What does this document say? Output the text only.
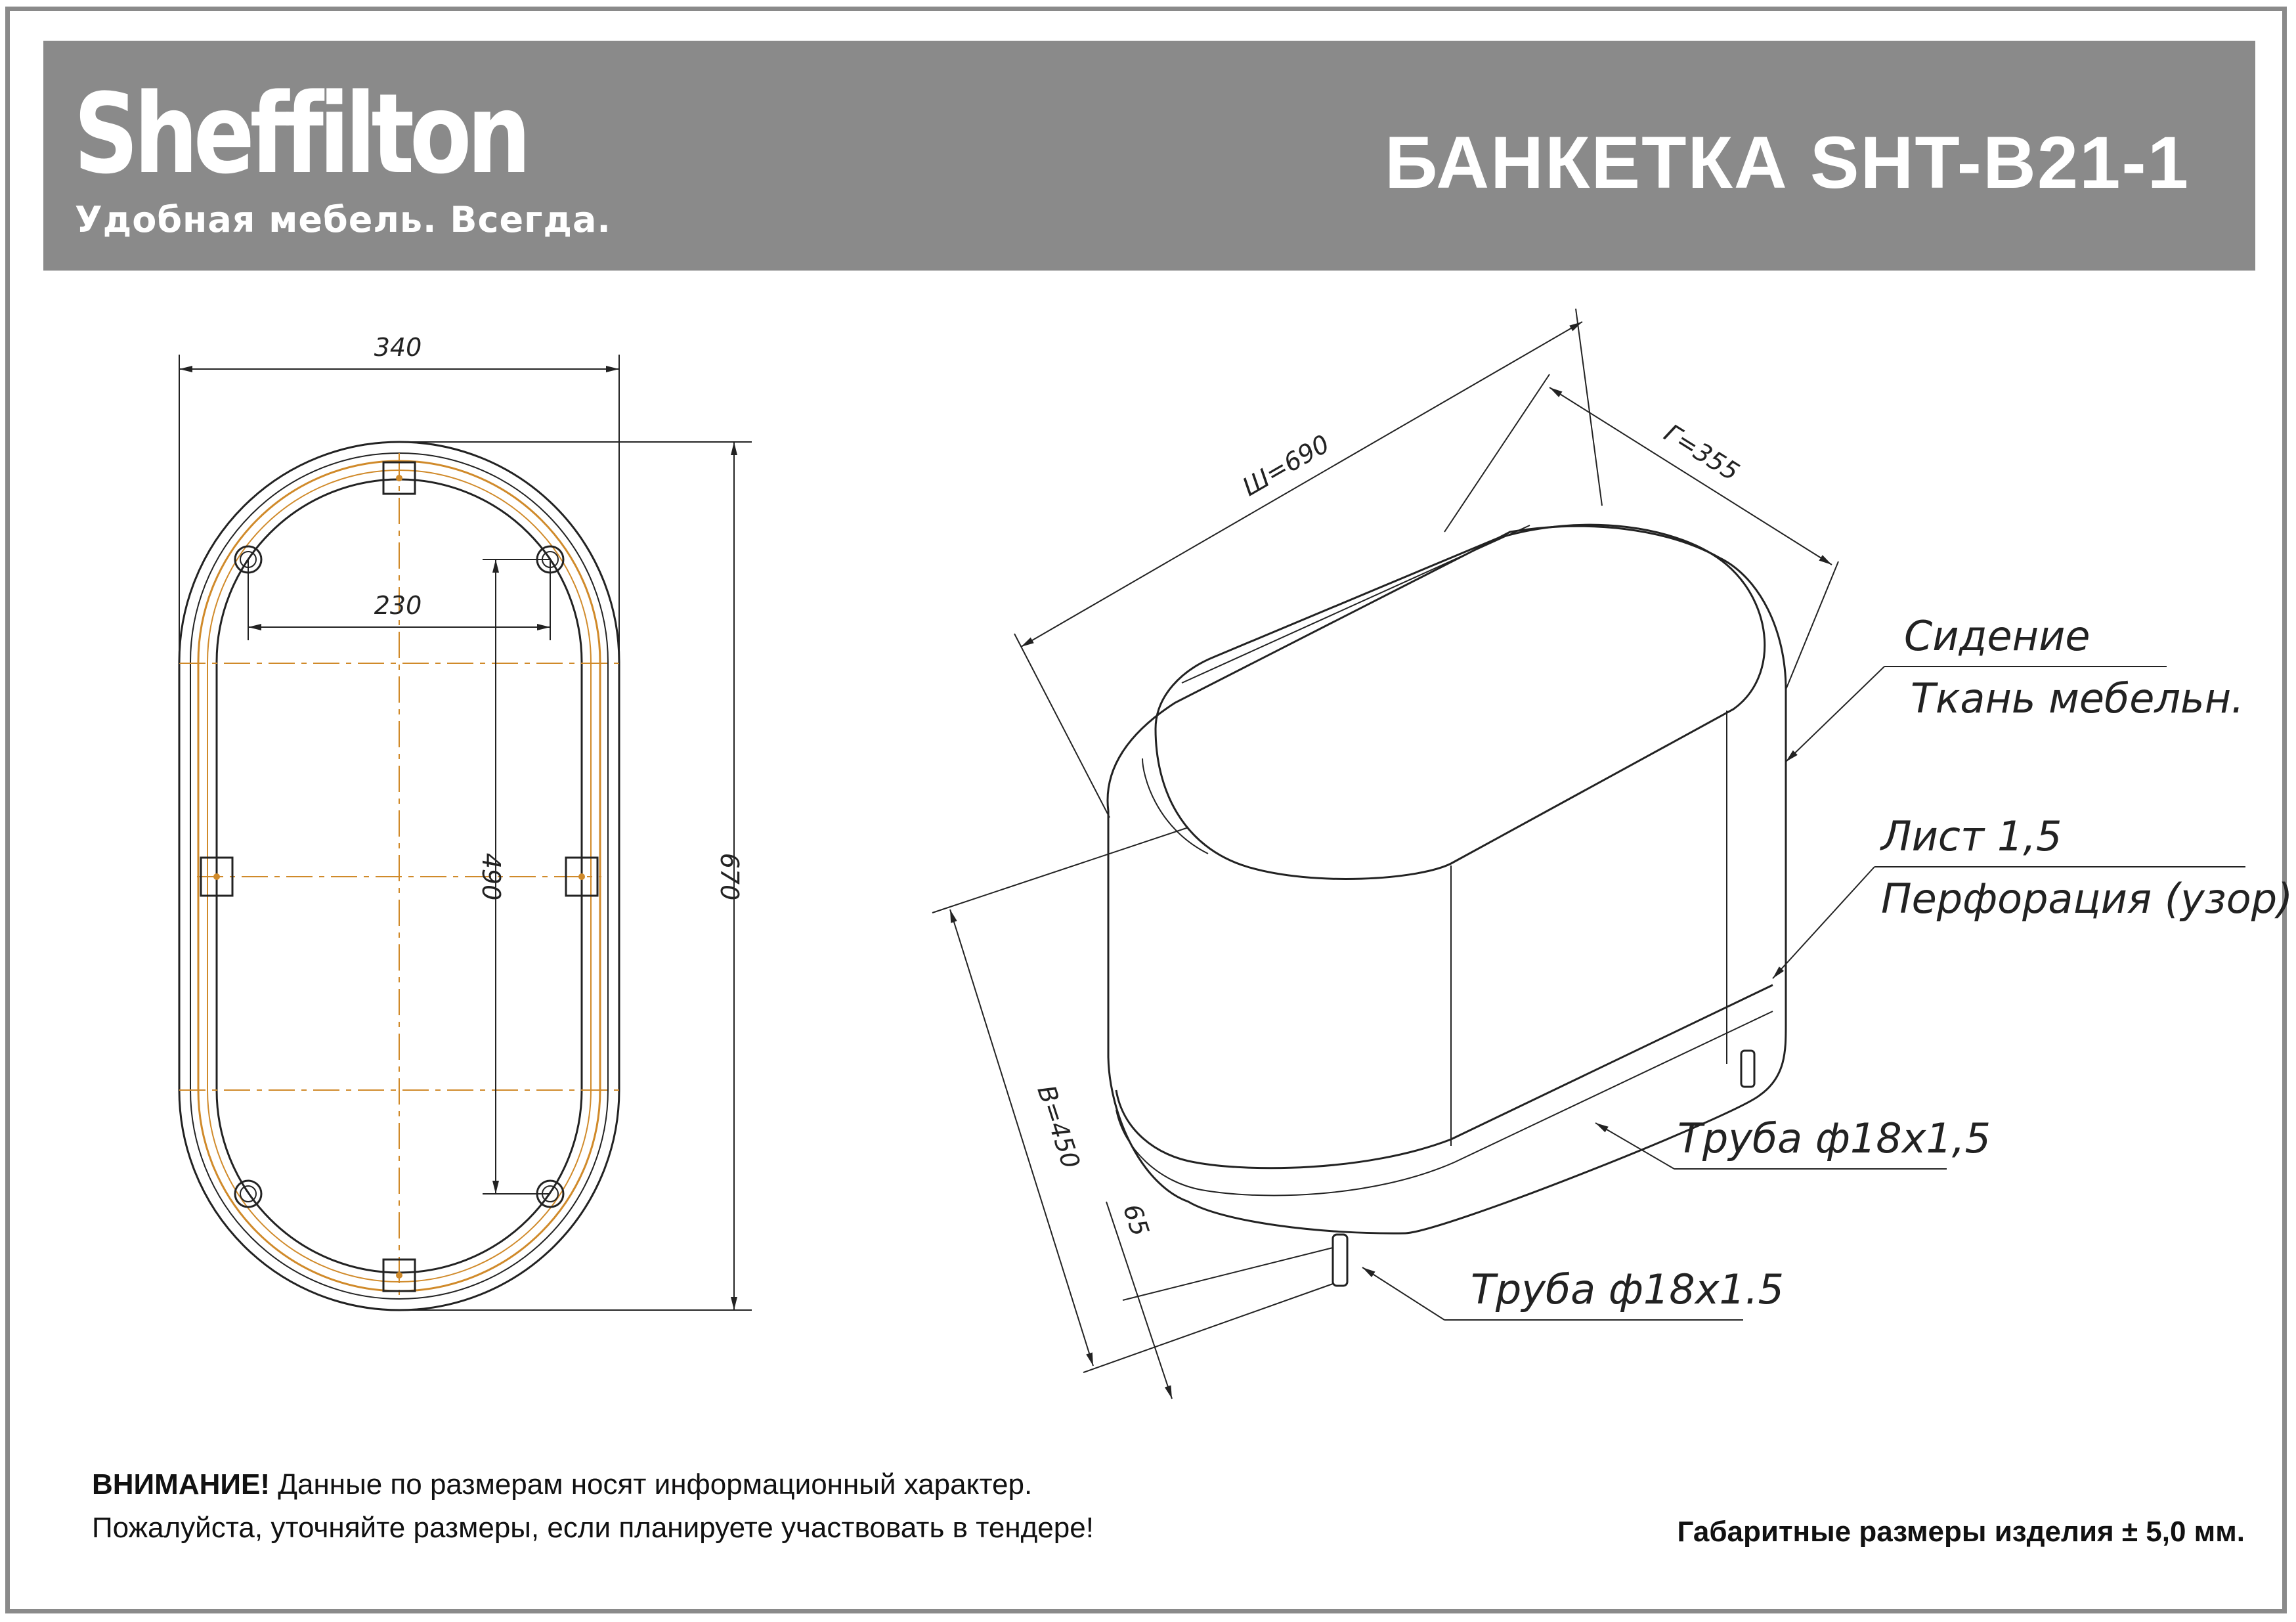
Sheffilton
Удобная мебель. Всегда.
БАНКЕТКА SHT-B21-1
340
230
490	670
Ш=690	Г=355
В=450
65
Сидение
Ткань мебельн.
Лист 1,5
Перфорация (узор)
Труба ф18х1,5
Труба ф18х1.5
ВНИМАНИЕ! Данные по размерам носят информационный характер.
Пожалуйста, уточняйте размеры, если планируете участвовать в тендере!	Габаритные размеры изделия ± 5,0 мм.
